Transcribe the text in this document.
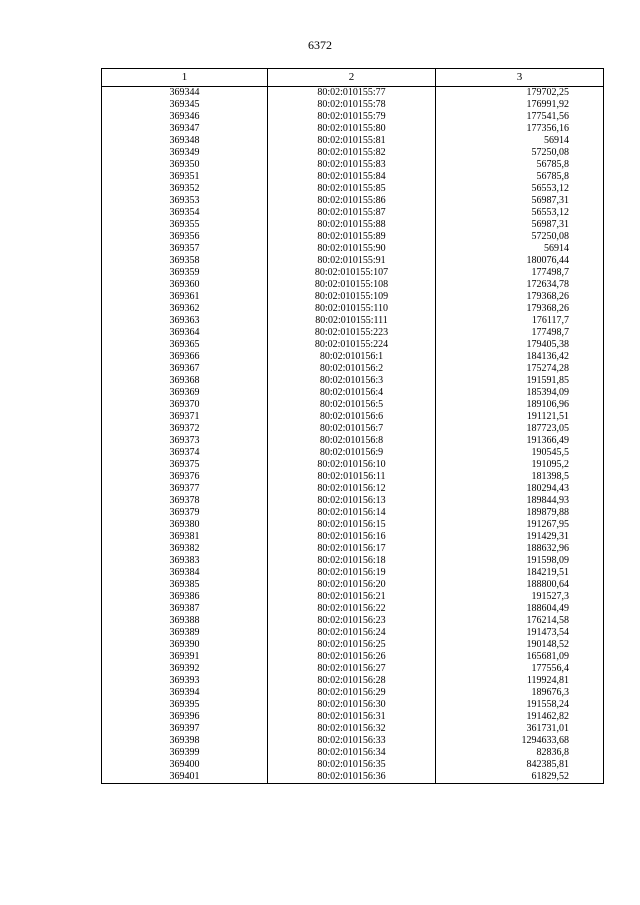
6372
1	2	3
369344	80:02:010155:77	179702,25
369345	80:02:010155:78	176991,92
369346	80:02:010155:79	177541,56
369347	80:02:010155:80	177356,16
369348	80:02:010155:81	56914
369349	80:02:010155:82	57250,08
369350	80:02:010155:83	56785,8
369351	80:02:010155:84	56785,8
369352	80:02:010155:85	56553,12
369353	80:02:010155:86	56987,31
369354	80:02:010155:87	56553,12
369355	80:02:010155:88	56987,31
369356	80:02:010155:89	57250,08
369357	80:02:010155:90	56914
369358	80:02:010155:91	180076,44
369359	80:02:010155:107	177498,7
369360	80:02:010155:108	172634,78
369361	80:02:010155:109	179368,26
369362	80:02:010155:110	179368,26
369363	80:02:010155:111	176117,7
369364	80:02:010155:223	177498,7
369365	80:02:010155:224	179405,38
369366	80:02:010156:1	184136,42
369367	80:02:010156:2	175274,28
369368	80:02:010156:3	191591,85
369369	80:02:010156:4	185394,09
369370	80:02:010156:5	189106,96
369371	80:02:010156:6	191121,51
369372	80:02:010156:7	187723,05
369373	80:02:010156:8	191366,49
369374	80:02:010156:9	190545,5
369375	80:02:010156:10	191095,2
369376	80:02:010156:11	181398,5
369377	80:02:010156:12	180294,43
369378	80:02:010156:13	189844,93
369379	80:02:010156:14	189879,88
369380	80:02:010156:15	191267,95
369381	80:02:010156:16	191429,31
369382	80:02:010156:17	188632,96
369383	80:02:010156:18	191598,09
369384	80:02:010156:19	184219,51
369385	80:02:010156:20	188800,64
369386	80:02:010156:21	191527,3
369387	80:02:010156:22	188604,49
369388	80:02:010156:23	176214,58
369389	80:02:010156:24	191473,54
369390	80:02:010156:25	190148,52
369391	80:02:010156:26	165681,09
369392	80:02:010156:27	177556,4
369393	80:02:010156:28	119924,81
369394	80:02:010156:29	189676,3
369395	80:02:010156:30	191558,24
369396	80:02:010156:31	191462,82
369397	80:02:010156:32	361731,01
369398	80:02:010156:33	1294633,68
369399	80:02:010156:34	82836,8
369400	80:02:010156:35	842385,81
369401	80:02:010156:36	61829,52
